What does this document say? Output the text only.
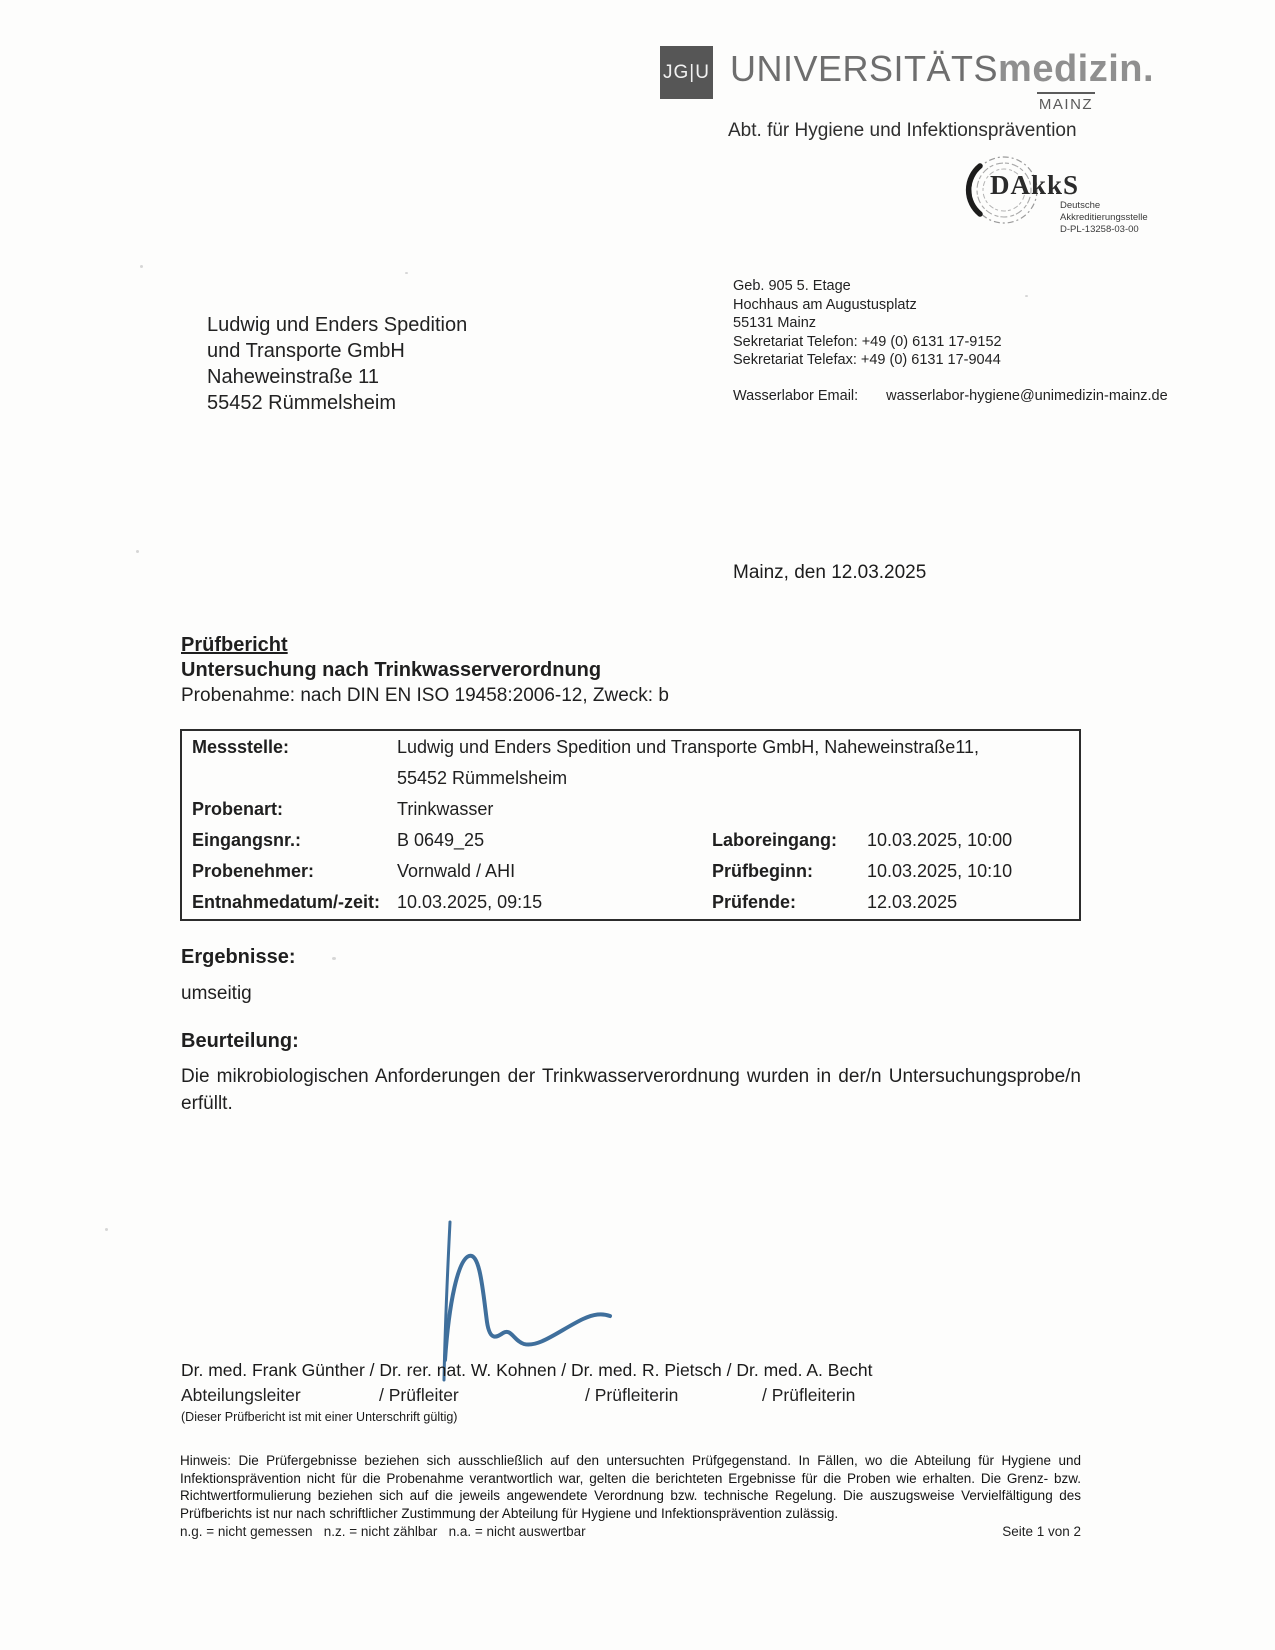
JG|U UNIVERSITÄTSmedizin.
MAINZ
Abt. für Hygiene und Infektionsprävention
DAkkS
Deutsche
Akkreditierungsstelle
D-PL-13258-03-00
Ludwig und Enders Spedition
und Transporte GmbH
Naheweinstraße 11
55452 Rümmelsheim
Geb. 905 5. Etage
Hochhaus am Augustusplatz
55131 Mainz
Sekretariat Telefon: +49 (0) 6131 17-9152
Sekretariat Telefax: +49 (0) 6131 17-9044
Wasserlabor Email: wasserlabor-hygiene@unimedizin-mainz.de
Mainz, den 12.03.2025
Prüfbericht
Untersuchung nach Trinkwasserverordnung
Probenahme: nach DIN EN ISO 19458:2006-12, Zweck: b
Messstelle:	Ludwig und Enders Spedition und Transporte GmbH, Naheweinstraße11,
55452 Rümmelsheim
Probenart:	Trinkwasser
Eingangsnr.:	B 0649_25	Laboreingang:	10.03.2025, 10:00
Probenehmer:	Vornwald / AHI	Prüfbeginn:	10.03.2025, 10:10
Entnahmedatum/-zeit: 10.03.2025, 09:15	Prüfende:	12.03.2025
Ergebnisse:
umseitig
Beurteilung:
Die mikrobiologischen Anforderungen der Trinkwasserverordnung wurden in der/n Untersuchungsprobe/n erfüllt.
Dr. med. Frank Günther / Dr. rer. nat. W. Kohnen / Dr. med. R. Pietsch / Dr. med. A. Becht
Abteilungsleiter	/ Prüfleiter	/ Prüfleiterin	/ Prüfleiterin
(Dieser Prüfbericht ist mit einer Unterschrift gültig)
Hinweis: Die Prüfergebnisse beziehen sich ausschließlich auf den untersuchten Prüfgegenstand. In Fällen, wo die Abteilung für Hygiene und Infektionsprävention nicht für die Probenahme verantwortlich war, gelten die berichteten Ergebnisse für die Proben wie erhalten. Die Grenz- bzw. Richtwertformulierung beziehen sich auf die jeweils angewendete Verordnung bzw. technische Regelung. Die auszugsweise Vervielfältigung des Prüfberichts ist nur nach schriftlicher Zustimmung der Abteilung für Hygiene und Infektionsprävention zulässig.
n.g. = nicht gemessen   n.z. = nicht zählbar   n.a. = nicht auswertbar	Seite 1 von 2
